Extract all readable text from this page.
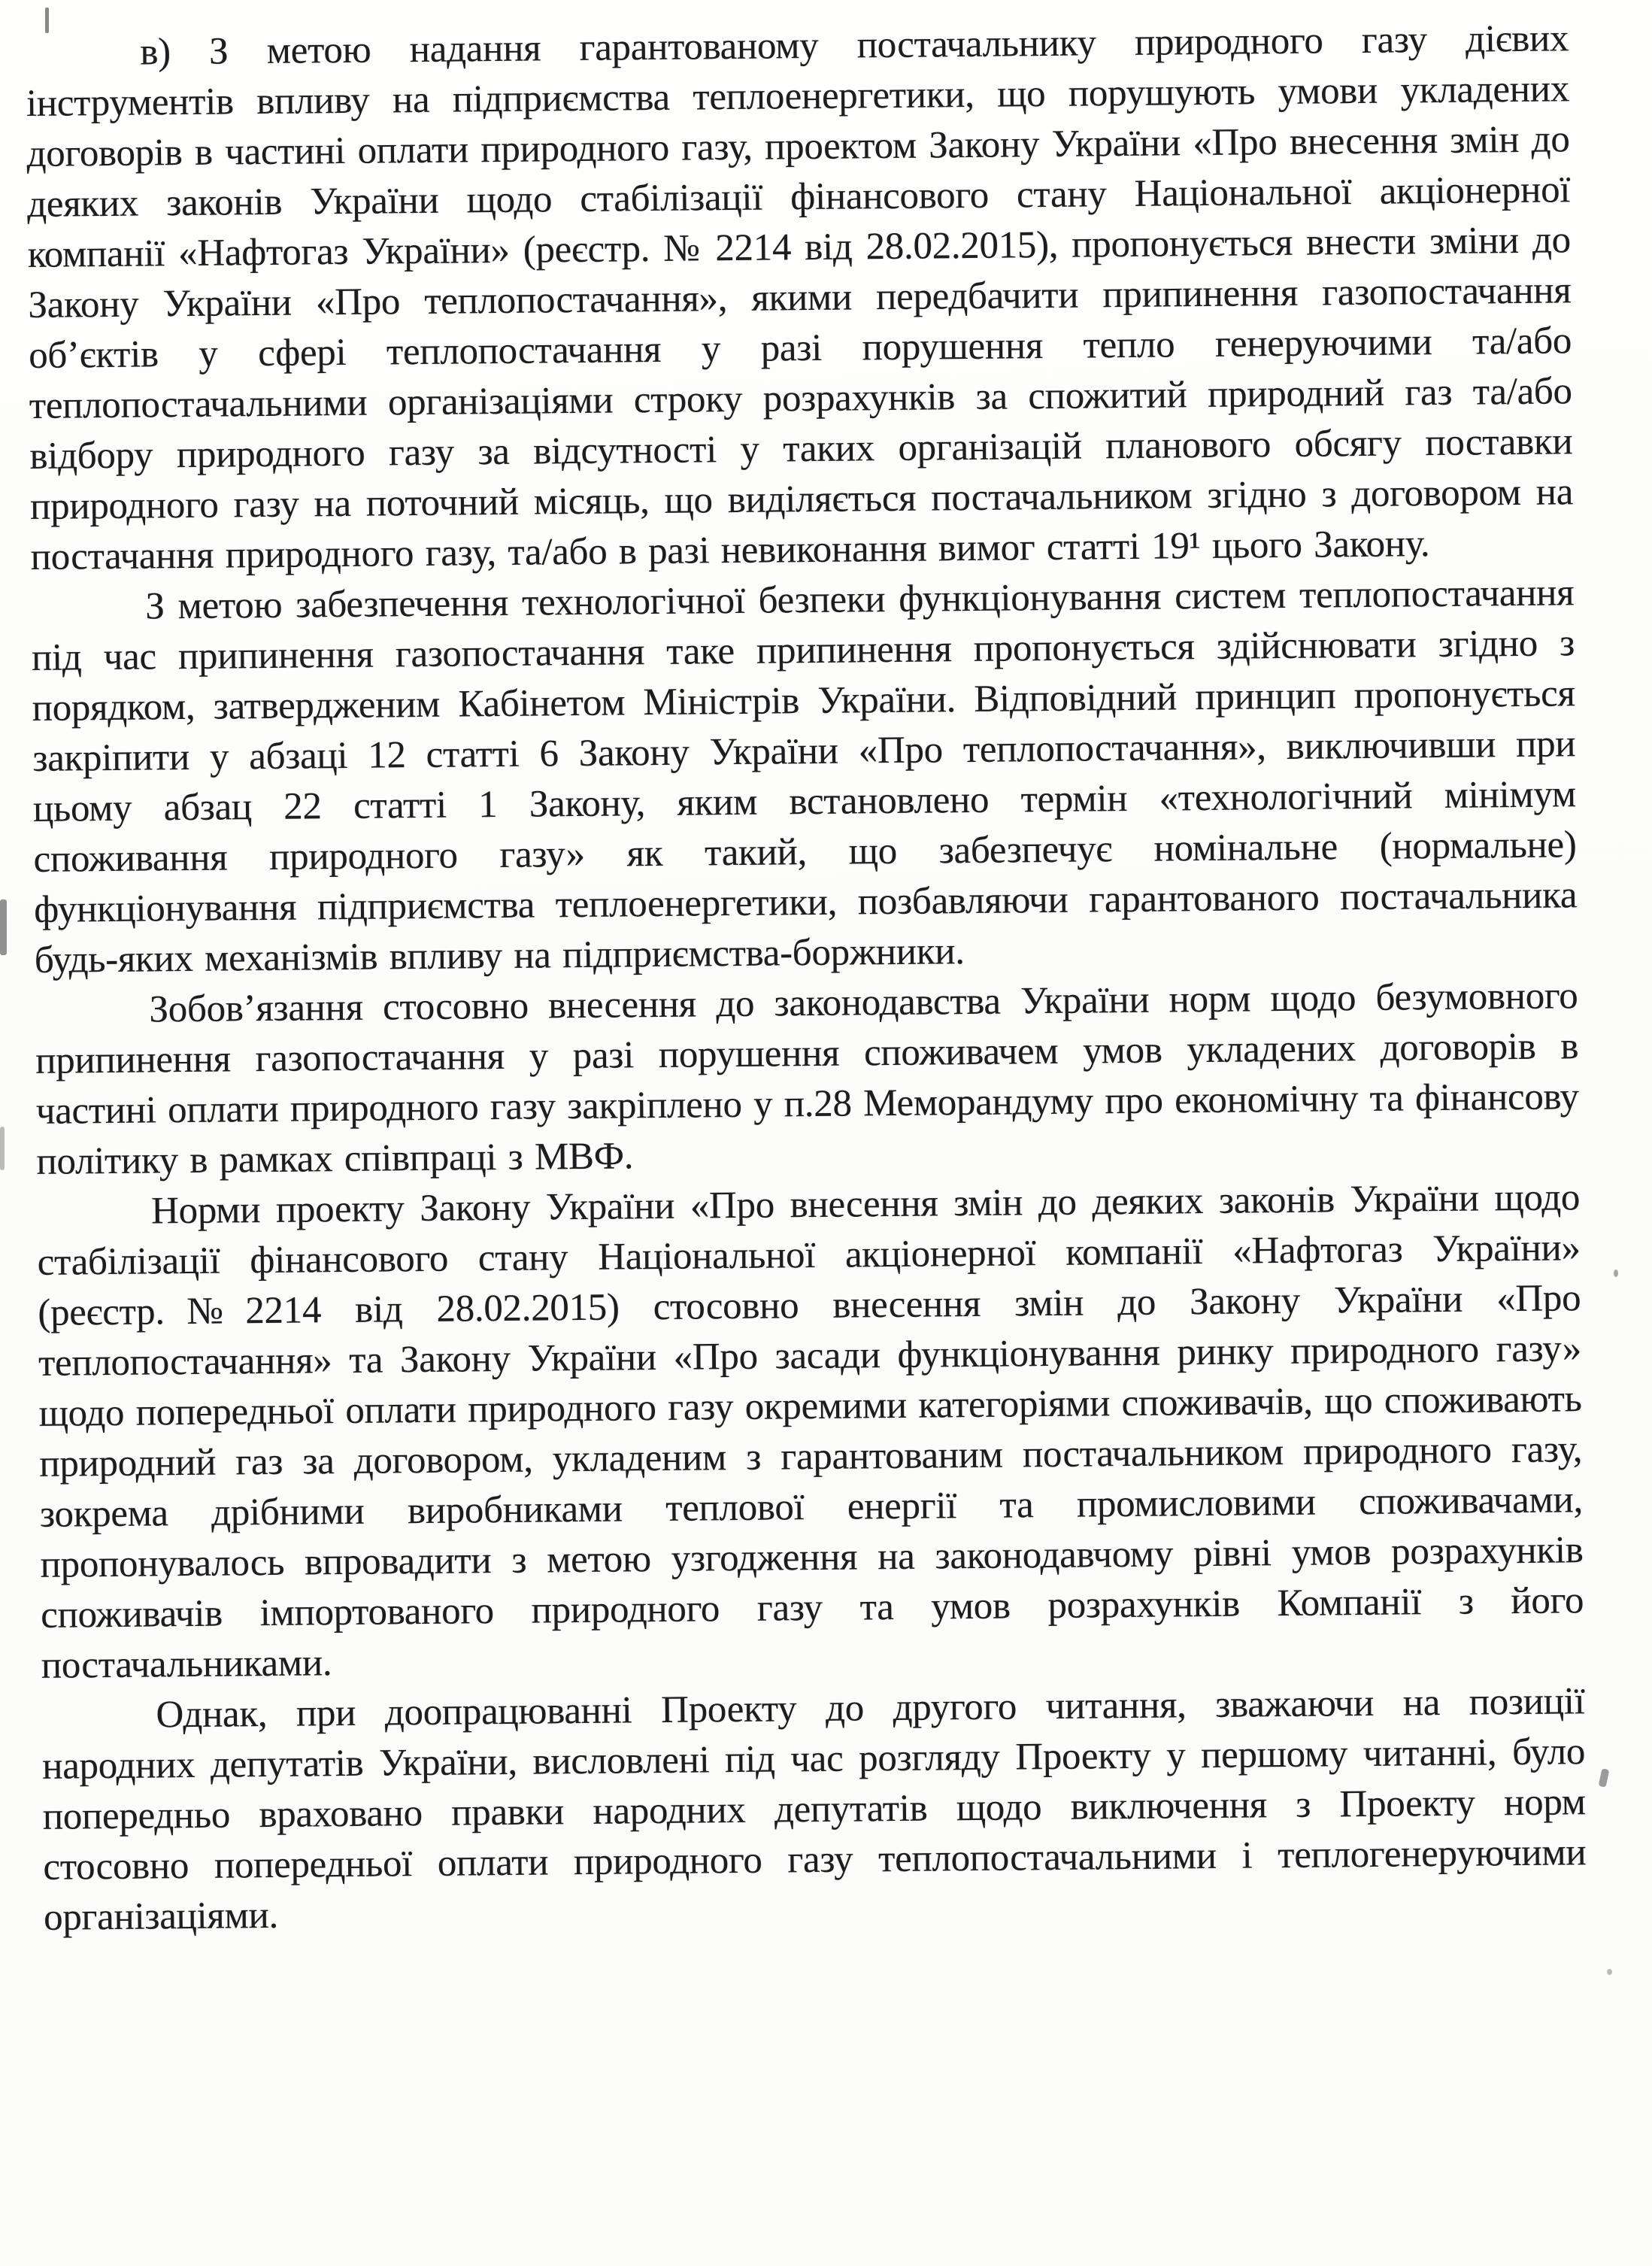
в) З метою надання гарантованому постачальнику природного газу дієвих інструментів впливу на підприємства теплоенергетики, що порушують умови укладених договорів в частині оплати природного газу, проектом Закону України «Про внесення змін до деяких законів України щодо стабілізації фінансового стану Національної акціонерної компанії «Нафтогаз України» (реєстр. № 2214 від 28.02.2015), пропонується внести зміни до Закону України «Про теплопостачання», якими передбачити припинення газопостачання об’єктів у сфері теплопостачання у разі порушення тепло генеруючими та/або теплопостачальними організаціями строку розрахунків за спожитий природний газ та/або відбору природного газу за відсутності у таких організацій планового обсягу поставки природного газу на поточний місяць, що виділяється постачальником згідно з договором на постачання природного газу, та/або в разі невиконання вимог статті 19¹ цього Закону.

З метою забезпечення технологічної безпеки функціонування систем теплопостачання під час припинення газопостачання таке припинення пропонується здійснювати згідно з порядком, затвердженим Кабінетом Міністрів України. Відповідний принцип пропонується закріпити у абзаці 12 статті 6 Закону України «Про теплопостачання», виключивши при цьому абзац 22 статті 1 Закону, яким встановлено термін «технологічний мінімум споживання природного газу» як такий, що забезпечує номінальне (нормальне) функціонування підприємства теплоенергетики, позбавляючи гарантованого постачальника будь-яких механізмів впливу на підприємства-боржники.

Зобов’язання стосовно внесення до законодавства України норм щодо безумовного припинення газопостачання у разі порушення споживачем умов укладених договорів в частині оплати природного газу закріплено у п.28 Меморандуму про економічну та фінансову політику в рамках співпраці з МВФ.

Норми проекту Закону України «Про внесення змін до деяких законів України щодо стабілізації фінансового стану Національної акціонерної компанії «Нафтогаз України» (реєстр.№2214 від 28.02.2015) стосовно внесення змін до Закону України «Про теплопостачання» та Закону України «Про засади функціонування ринку природного газу» щодо попередньої оплати природного газу окремими категоріями споживачів, що споживають природний газ за договором, укладеним з гарантованим постачальником природного газу, зокрема дрібними виробниками теплової енергії та промисловими споживачами, пропонувалось впровадити з метою узгодження на законодавчому рівні умов розрахунків споживачів імпортованого природного газу та умов розрахунків Компанії з його постачальниками.

Однак, при доопрацюванні Проекту до другого читання, зважаючи на позиції народних депутатів України, висловлені під час розгляду Проекту у першому читанні, було попередньо враховано правки народних депутатів щодо виключення з Проекту норм стосовно попередньої оплати природного газу теплопостачальними і теплогенеруючими організаціями.
